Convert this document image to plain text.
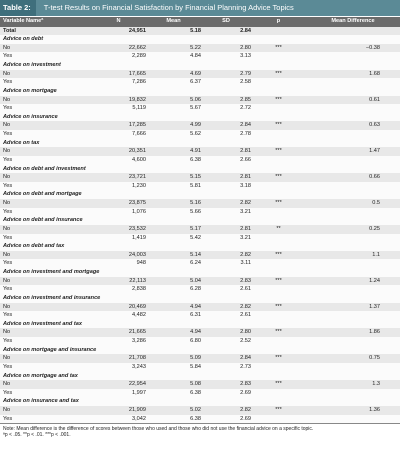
Table 2:	T-test Results on Financial Satisfaction by Financial Planning Advice Topics
Variable Nameª	N	Mean	SD	p	Mean Difference
Total	24,951	5.18	2.84
Advice on debt
No	22,662	5.22	2.80	***	−0.38
Yes	2,289	4.84	3.13
Advice on investment
No	17,665	4.69	2.79	***	1.68
Yes	7,286	6.37	2.58
Advice on mortgage
No	19,832	5.06	2.85	***	0.61
Yes	5,119	5.67	2.72
Advice on insurance
No	17,285	4.99	2.84	***	0.63
Yes	7,666	5.62	2.78
Advice on tax
No	20,351	4.91	2.81	***	1.47
Yes	4,600	6.38	2.66
Advice on debt and investment
No	23,721	5.15	2.81	***	0.66
Yes	1,230	5.81	3.18
Advice on debt and mortgage
No	23,875	5.16	2.82	***	0.5
Yes	1,076	5.66	3.21
Advice on debt and insurance
No	23,532	5.17	2.81	**	0.25
Yes	1,419	5.42	3.21
Advice on debt and tax
No	24,003	5.14	2.82	***	1.1
Yes	948	6.24	3.11
Advice on investment and mortgage
No	22,113	5.04	2.83	***	1.24
Yes	2,838	6.28	2.61
Advice on investment and insurance
No	20,469	4.94	2.82	***	1.37
Yes	4,482	6.31	2.61
Advice on investment and tax
No	21,665	4.94	2.80	***	1.86
Yes	3,286	6.80	2.52
Advice on mortgage and insurance
No	21,708	5.09	2.84	***	0.75
Yes	3,243	5.84	2.73
Advice on mortgage and tax
No	22,954	5.08	2.83	***	1.3
Yes	1,997	6.38	2.69
Advice on insurance and tax
No	21,909	5.02	2.82	***	1.36
Yes	3,042	6.38	2.69
Note: Mean difference is the difference of scores between those who used and those who did not use the financial advice on a specific topic.
ªp < .05. **p < .01. ***p < .001.
